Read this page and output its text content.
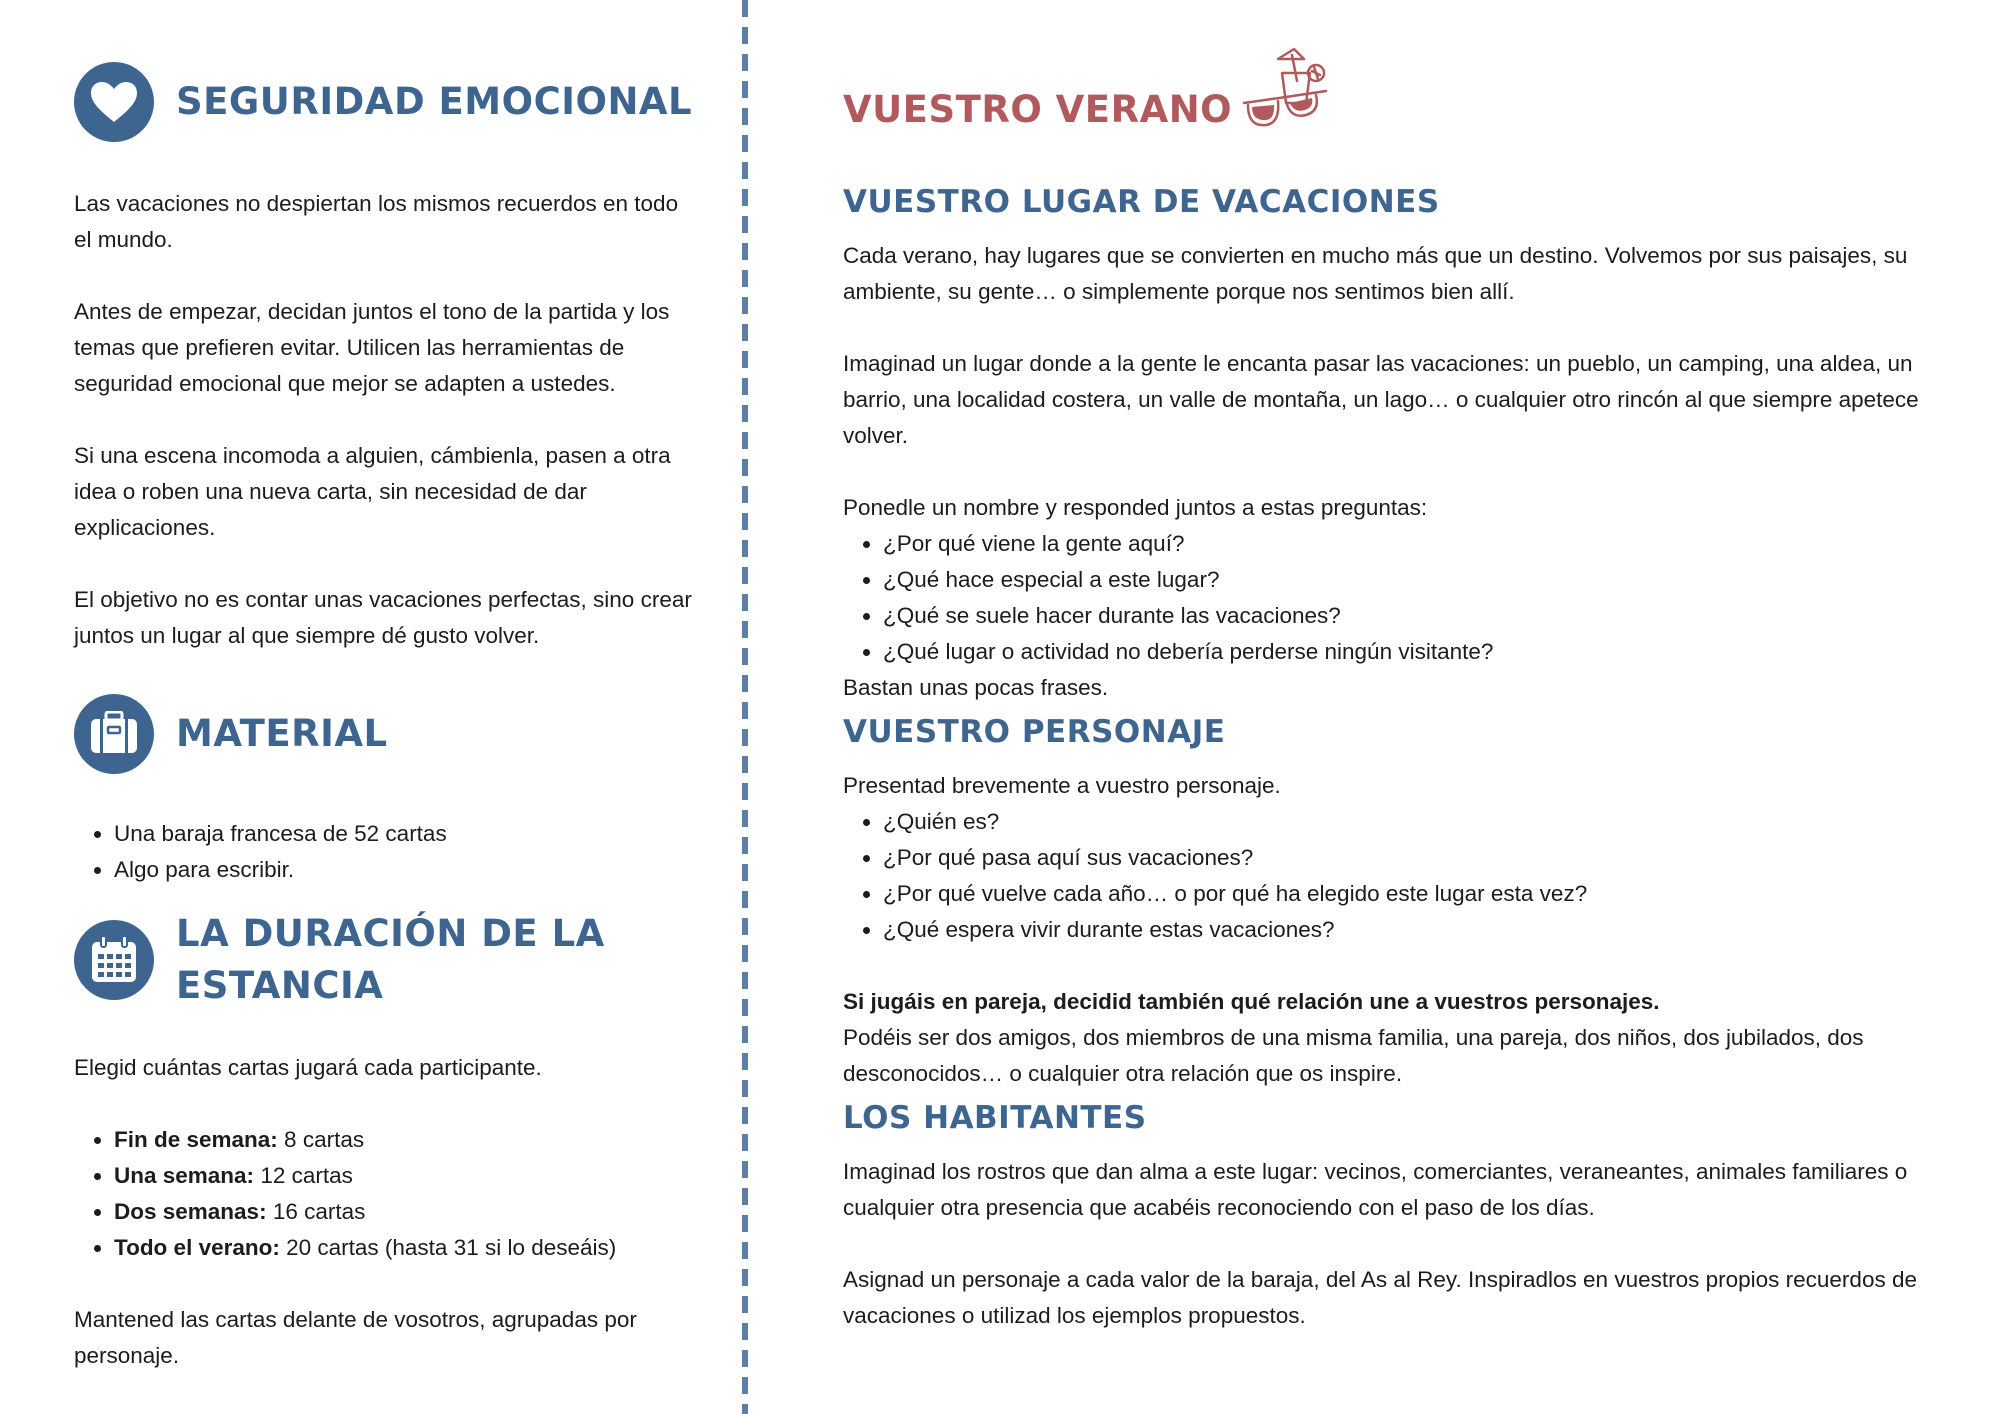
SEGURIDAD EMOCIONAL

Las vacaciones no despiertan los mismos recuerdos en todo el mundo.

Antes de empezar, decidan juntos el tono de la partida y los temas que prefieren evitar. Utilicen las herramientas de seguridad emocional que mejor se adapten a ustedes.

Si una escena incomoda a alguien, cámbienla, pasen a otra idea o roben una nueva carta, sin necesidad de dar explicaciones.

El objetivo no es contar unas vacaciones perfectas, sino crear juntos un lugar al que siempre dé gusto volver.

MATERIAL
• Una baraja francesa de 52 cartas
• Algo para escribir.
LA DURACIÓN DE LA
ESTANCIA

Elegid cuántas cartas jugará cada participante.

• Fin de semana: 8 cartas
• Una semana: 12 cartas
• Dos semanas: 16 cartas
• Todo el verano: 20 cartas (hasta 31 si lo deseáis)

Mantened las cartas delante de vosotros, agrupadas por personaje.

VUESTRO VERANO
VUESTRO LUGAR DE VACACIONES

Cada verano, hay lugares que se convierten en mucho más que un destino. Volvemos por sus paisajes, su ambiente, su gente… o simplemente porque nos sentimos bien allí.

Imaginad un lugar donde a la gente le encanta pasar las vacaciones: un pueblo, un camping, una aldea, un barrio, una localidad costera, un valle de montaña, un lago… o cualquier otro rincón al que siempre apetece volver.

Ponedle un nombre y responded juntos a estas preguntas:

• ¿Por qué viene la gente aquí?
• ¿Qué hace especial a este lugar?
• ¿Qué se suele hacer durante las vacaciones?
• ¿Qué lugar o actividad no debería perderse ningún visitante?

Bastan unas pocas frases.

VUESTRO PERSONAJE

Presentad brevemente a vuestro personaje.

• ¿Quién es?
• ¿Por qué pasa aquí sus vacaciones?
• ¿Por qué vuelve cada año… o por qué ha elegido este lugar esta vez?
• ¿Qué espera vivir durante estas vacaciones?

Si jugáis en pareja, decidid también qué relación une a vuestros personajes.

Podéis ser dos amigos, dos miembros de una misma familia, una pareja, dos niños, dos jubilados, dos desconocidos… o cualquier otra relación que os inspire.

LOS HABITANTES

Imaginad los rostros que dan alma a este lugar: vecinos, comerciantes, veraneantes, animales familiares o cualquier otra presencia que acabéis reconociendo con el paso de los días.

Asignad un personaje a cada valor de la baraja, del As al Rey. Inspiradlos en vuestros propios recuerdos de vacaciones o utilizad los ejemplos propuestos.
